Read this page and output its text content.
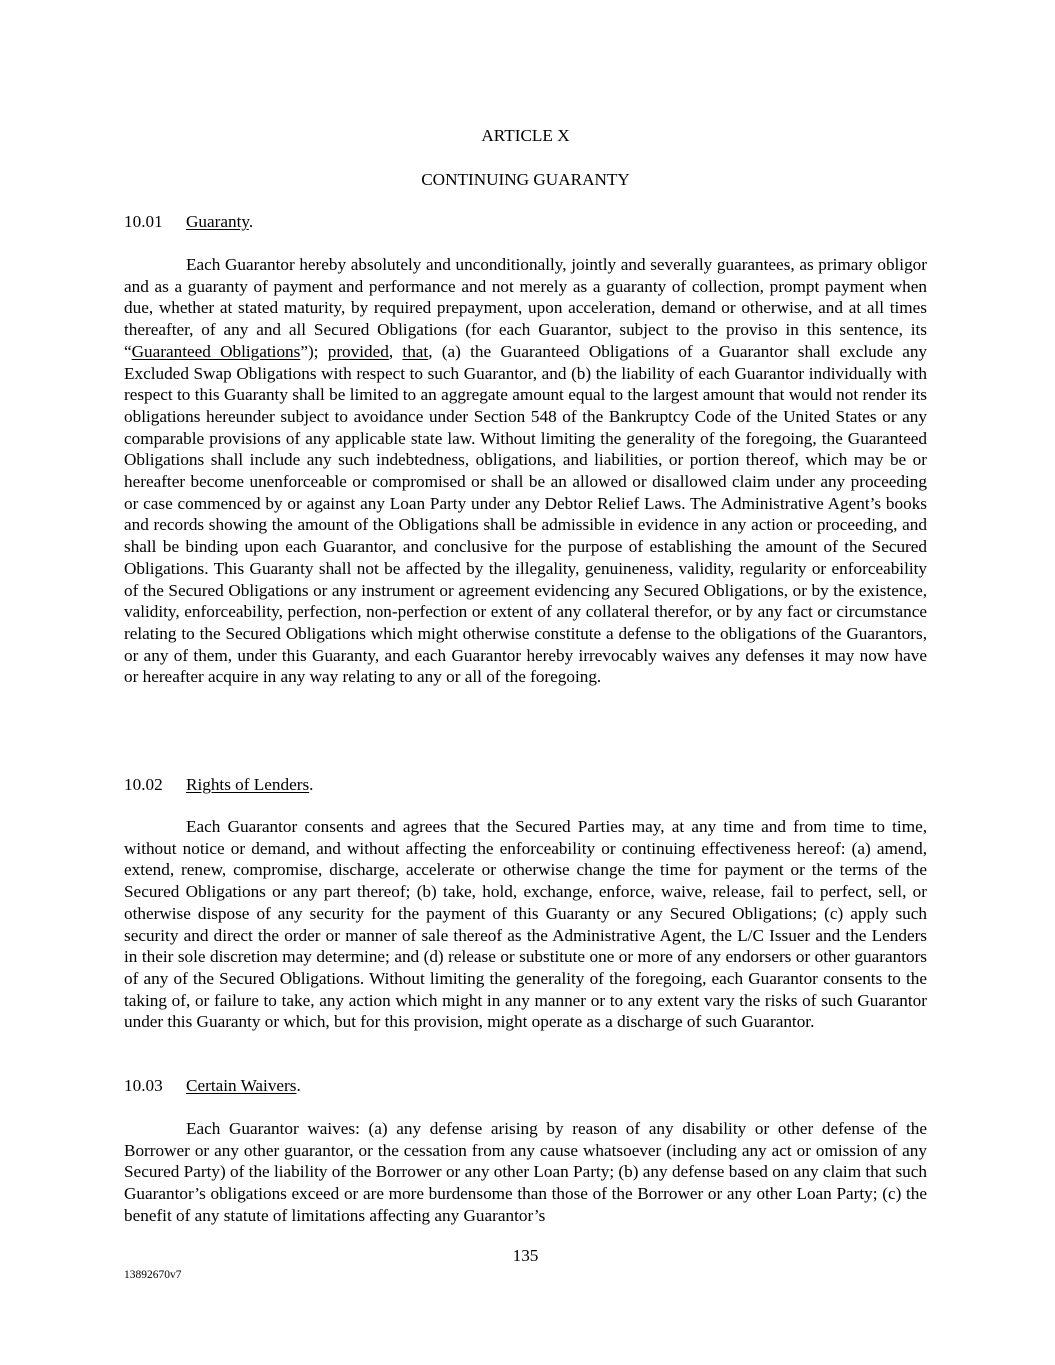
ARTICLE X
CONTINUING GUARANTY
10.01 Guaranty.

Each Guarantor hereby absolutely and unconditionally, jointly and severally guarantees, as primary obligor and as a guaranty of payment and performance and not merely as a guaranty of collection, prompt payment when due, whether at stated maturity, by required prepayment, upon acceleration, demand or otherwise, and at all times thereafter, of any and all Secured Obligations (for each Guarantor, subject to the proviso in this sentence, its “Guaranteed Obligations”); provided, that, (a) the Guaranteed Obligations of a Guarantor shall exclude any Excluded Swap Obligations with respect to such Guarantor, and (b) the liability of each Guarantor individually with respect to this Guaranty shall be limited to an aggregate amount equal to the largest amount that would not render its obligations hereunder subject to avoidance under Section 548 of the Bankruptcy Code of the United States or any comparable provisions of any applicable state law. Without limiting the generality of the foregoing, the Guaranteed Obligations shall include any such indebtedness, obligations, and liabilities, or portion thereof, which may be or hereafter become unenforceable or compromised or shall be an allowed or disallowed claim under any proceeding or case commenced by or against any Loan Party under any Debtor Relief Laws. The Administrative Agent’s books and records showing the amount of the Obligations shall be admissible in evidence in any action or proceeding, and shall be binding upon each Guarantor, and conclusive for the purpose of establishing the amount of the Secured Obligations. This Guaranty shall not be affected by the illegality, genuineness, validity, regularity or enforceability of the Secured Obligations or any instrument or agreement evidencing any Secured Obligations, or by the existence, validity, enforceability, perfection, non-perfection or extent of any collateral therefor, or by any fact or circumstance relating to the Secured Obligations which might otherwise constitute a defense to the obligations of the Guarantors, or any of them, under this Guaranty, and each Guarantor hereby irrevocably waives any defenses it may now have or hereafter acquire in any way relating to any or all of the foregoing.

10.02 Rights of Lenders.

Each Guarantor consents and agrees that the Secured Parties may, at any time and from time to time, without notice or demand, and without affecting the enforceability or continuing effectiveness hereof: (a) amend, extend, renew, compromise, discharge, accelerate or otherwise change the time for payment or the terms of the Secured Obligations or any part thereof; (b) take, hold, exchange, enforce, waive, release, fail to perfect, sell, or otherwise dispose of any security for the payment of this Guaranty or any Secured Obligations; (c) apply such security and direct the order or manner of sale thereof as the Administrative Agent, the L/C Issuer and the Lenders in their sole discretion may determine; and (d) release or substitute one or more of any endorsers or other guarantors of any of the Secured Obligations. Without limiting the generality of the foregoing, each Guarantor consents to the taking of, or failure to take, any action which might in any manner or to any extent vary the risks of such Guarantor under this Guaranty or which, but for this provision, might operate as a discharge of such Guarantor.

10.03 Certain Waivers.

Each Guarantor waives: (a) any defense arising by reason of any disability or other defense of the Borrower or any other guarantor, or the cessation from any cause whatsoever (including any act or omission of any Secured Party) of the liability of the Borrower or any other Loan Party; (b) any defense based on any claim that such Guarantor’s obligations exceed or are more burdensome than those of the Borrower or any other Loan Party; (c) the benefit of any statute of limitations affecting any Guarantor’s

135
13892670v7
